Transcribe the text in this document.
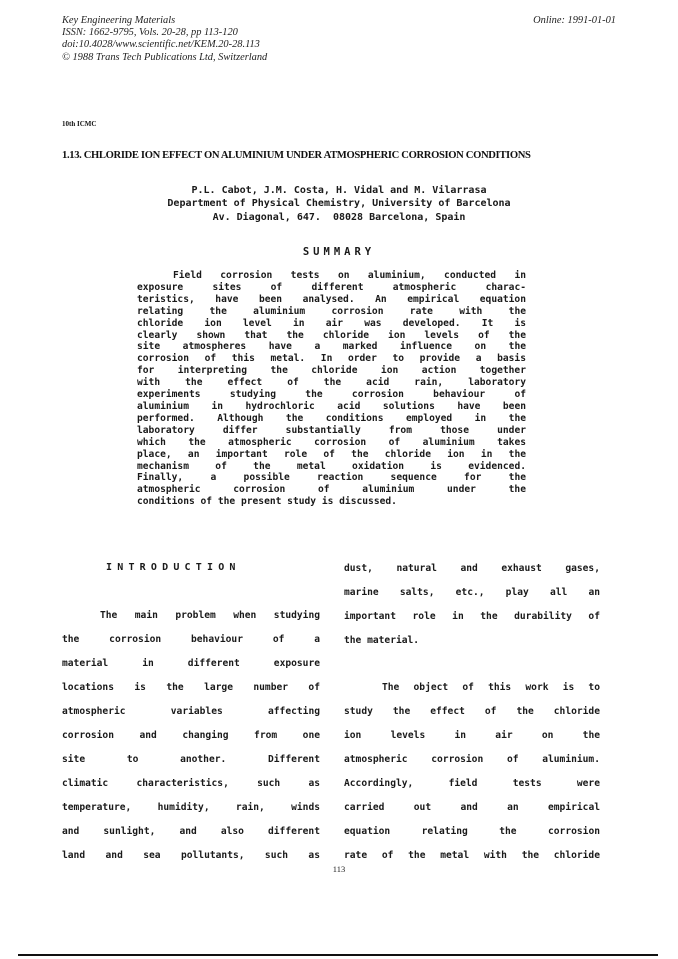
Key Engineering Materials
ISSN: 1662-9795, Vols. 20-28, pp 113-120
doi:10.4028/www.scientific.net/KEM.20-28.113
© 1988 Trans Tech Publications Ltd, Switzerland
Online: 1991-01-01
10th ICMC
1.13. CHLORIDE ION EFFECT ON ALUMINIUM UNDER ATMOSPHERIC CORROSION CONDITIONS
P.L. Cabot, J.M. Costa, H. Vidal and M. Vilarrasa
Department of Physical Chemistry, University of Barcelona
Av. Diagonal, 647.  08028 Barcelona, Spain
SUMMARY
Field corrosion tests on aluminium, conducted in
exposure sites of different atmospheric charac-
teristics, have been analysed. An empirical equation
relating the aluminium corrosion rate with the
chloride ion level in air was developed. It is
clearly shown that the chloride ion levels of the
site atmospheres have a marked influence on the
corrosion of this metal. In order to provide a basis
for interpreting the chloride ion action together
with the effect of the acid rain, laboratory
experiments studying the corrosion behaviour of
aluminium in hydrochloric acid solutions have been
performed. Although the conditions employed in the
laboratory differ substantially from those under
which the atmospheric corrosion of aluminium takes
place, an important role of the chloride ion in the
mechanism of the metal oxidation is evidenced.
Finally, a possible reaction sequence for the
atmospheric corrosion of aluminium under the
conditions of the present study is discussed.
INTRODUCTION
The main problem when studying
the corrosion behaviour of a
material in different exposure
locations is the large number of
atmospheric variables affecting
corrosion and changing from one
site to another. Different
climatic characteristics, such as
temperature, humidity, rain, winds
and sunlight, and also different
land and sea pollutants, such as
dust, natural and exhaust gases,
marine salts, etc., play all an
important role in the durability of
the material.
The object of this work is to
study the effect of the chloride
ion levels in air on the
atmospheric corrosion of aluminium.
Accordingly, field tests were
carried out and an empirical
equation relating the corrosion
rate of the metal with the chloride
113
